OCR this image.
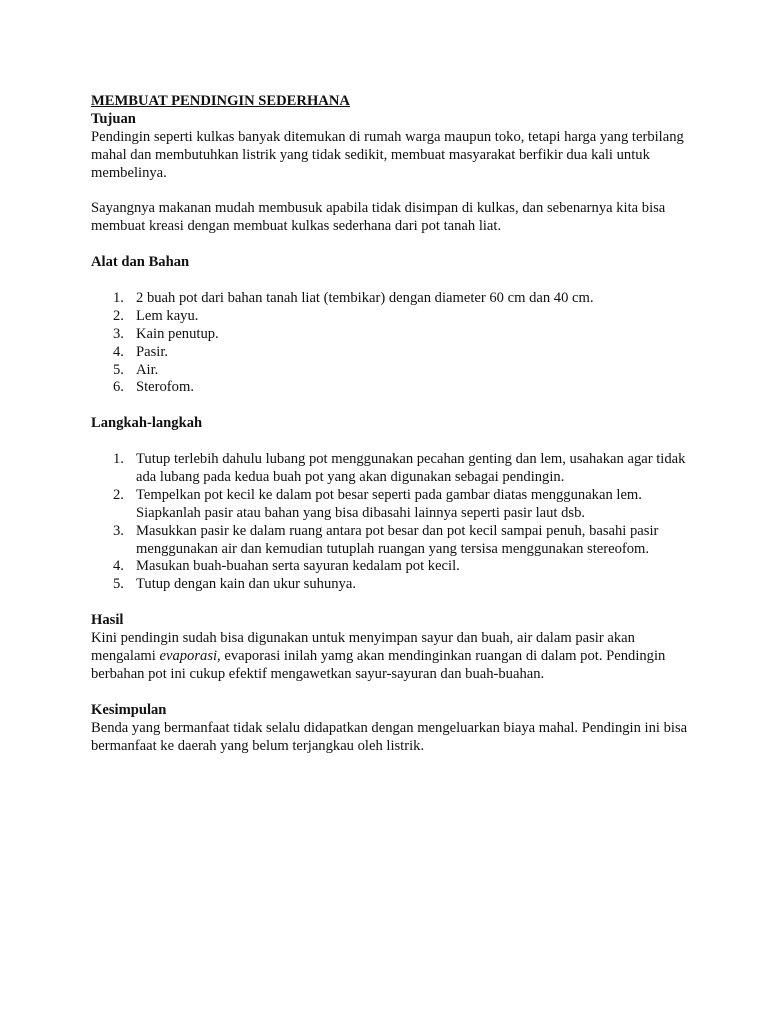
MEMBUAT PENDINGIN SEDERHANA

Tujuan

Pendingin seperti kulkas banyak ditemukan di rumah warga maupun toko, tetapi harga yang terbilang mahal dan membutuhkan listrik yang tidak sedikit, membuat masyarakat berfikir dua kali untuk membelinya.

Sayangnya makanan mudah membusuk apabila tidak disimpan di kulkas, dan sebenarnya kita bisa membuat kreasi dengan membuat kulkas sederhana dari pot tanah liat.

Alat dan Bahan

1. 2 buah pot dari bahan tanah liat (tembikar) dengan diameter 60 cm dan 40 cm.
2. Lem kayu.
3. Kain penutup.
4. Pasir.
5. Air.
6. Sterofom.

Langkah-langkah

1. Tutup terlebih dahulu lubang pot menggunakan pecahan genting dan lem, usahakan agar tidak ada lubang pada kedua buah pot yang akan digunakan sebagai pendingin.
2. Tempelkan pot kecil ke dalam pot besar seperti pada gambar diatas menggunakan lem. Siapkanlah pasir atau bahan yang bisa dibasahi lainnya seperti pasir laut dsb.
3. Masukkan pasir ke dalam ruang antara pot besar dan pot kecil sampai penuh, basahi pasir menggunakan air dan kemudian tutuplah ruangan yang tersisa menggunakan stereofom.
4. Masukan buah-buahan serta sayuran kedalam pot kecil.
5. Tutup dengan kain dan ukur suhunya.

Hasil

Kini pendingin sudah bisa digunakan untuk menyimpan sayur dan buah, air dalam pasir akan mengalami evaporasi, evaporasi inilah yamg akan mendinginkan ruangan di dalam pot. Pendingin berbahan pot ini cukup efektif mengawetkan sayur-sayuran dan buah-buahan.

Kesimpulan

Benda yang bermanfaat tidak selalu didapatkan dengan mengeluarkan biaya mahal. Pendingin ini bisa bermanfaat ke daerah yang belum terjangkau oleh listrik.
